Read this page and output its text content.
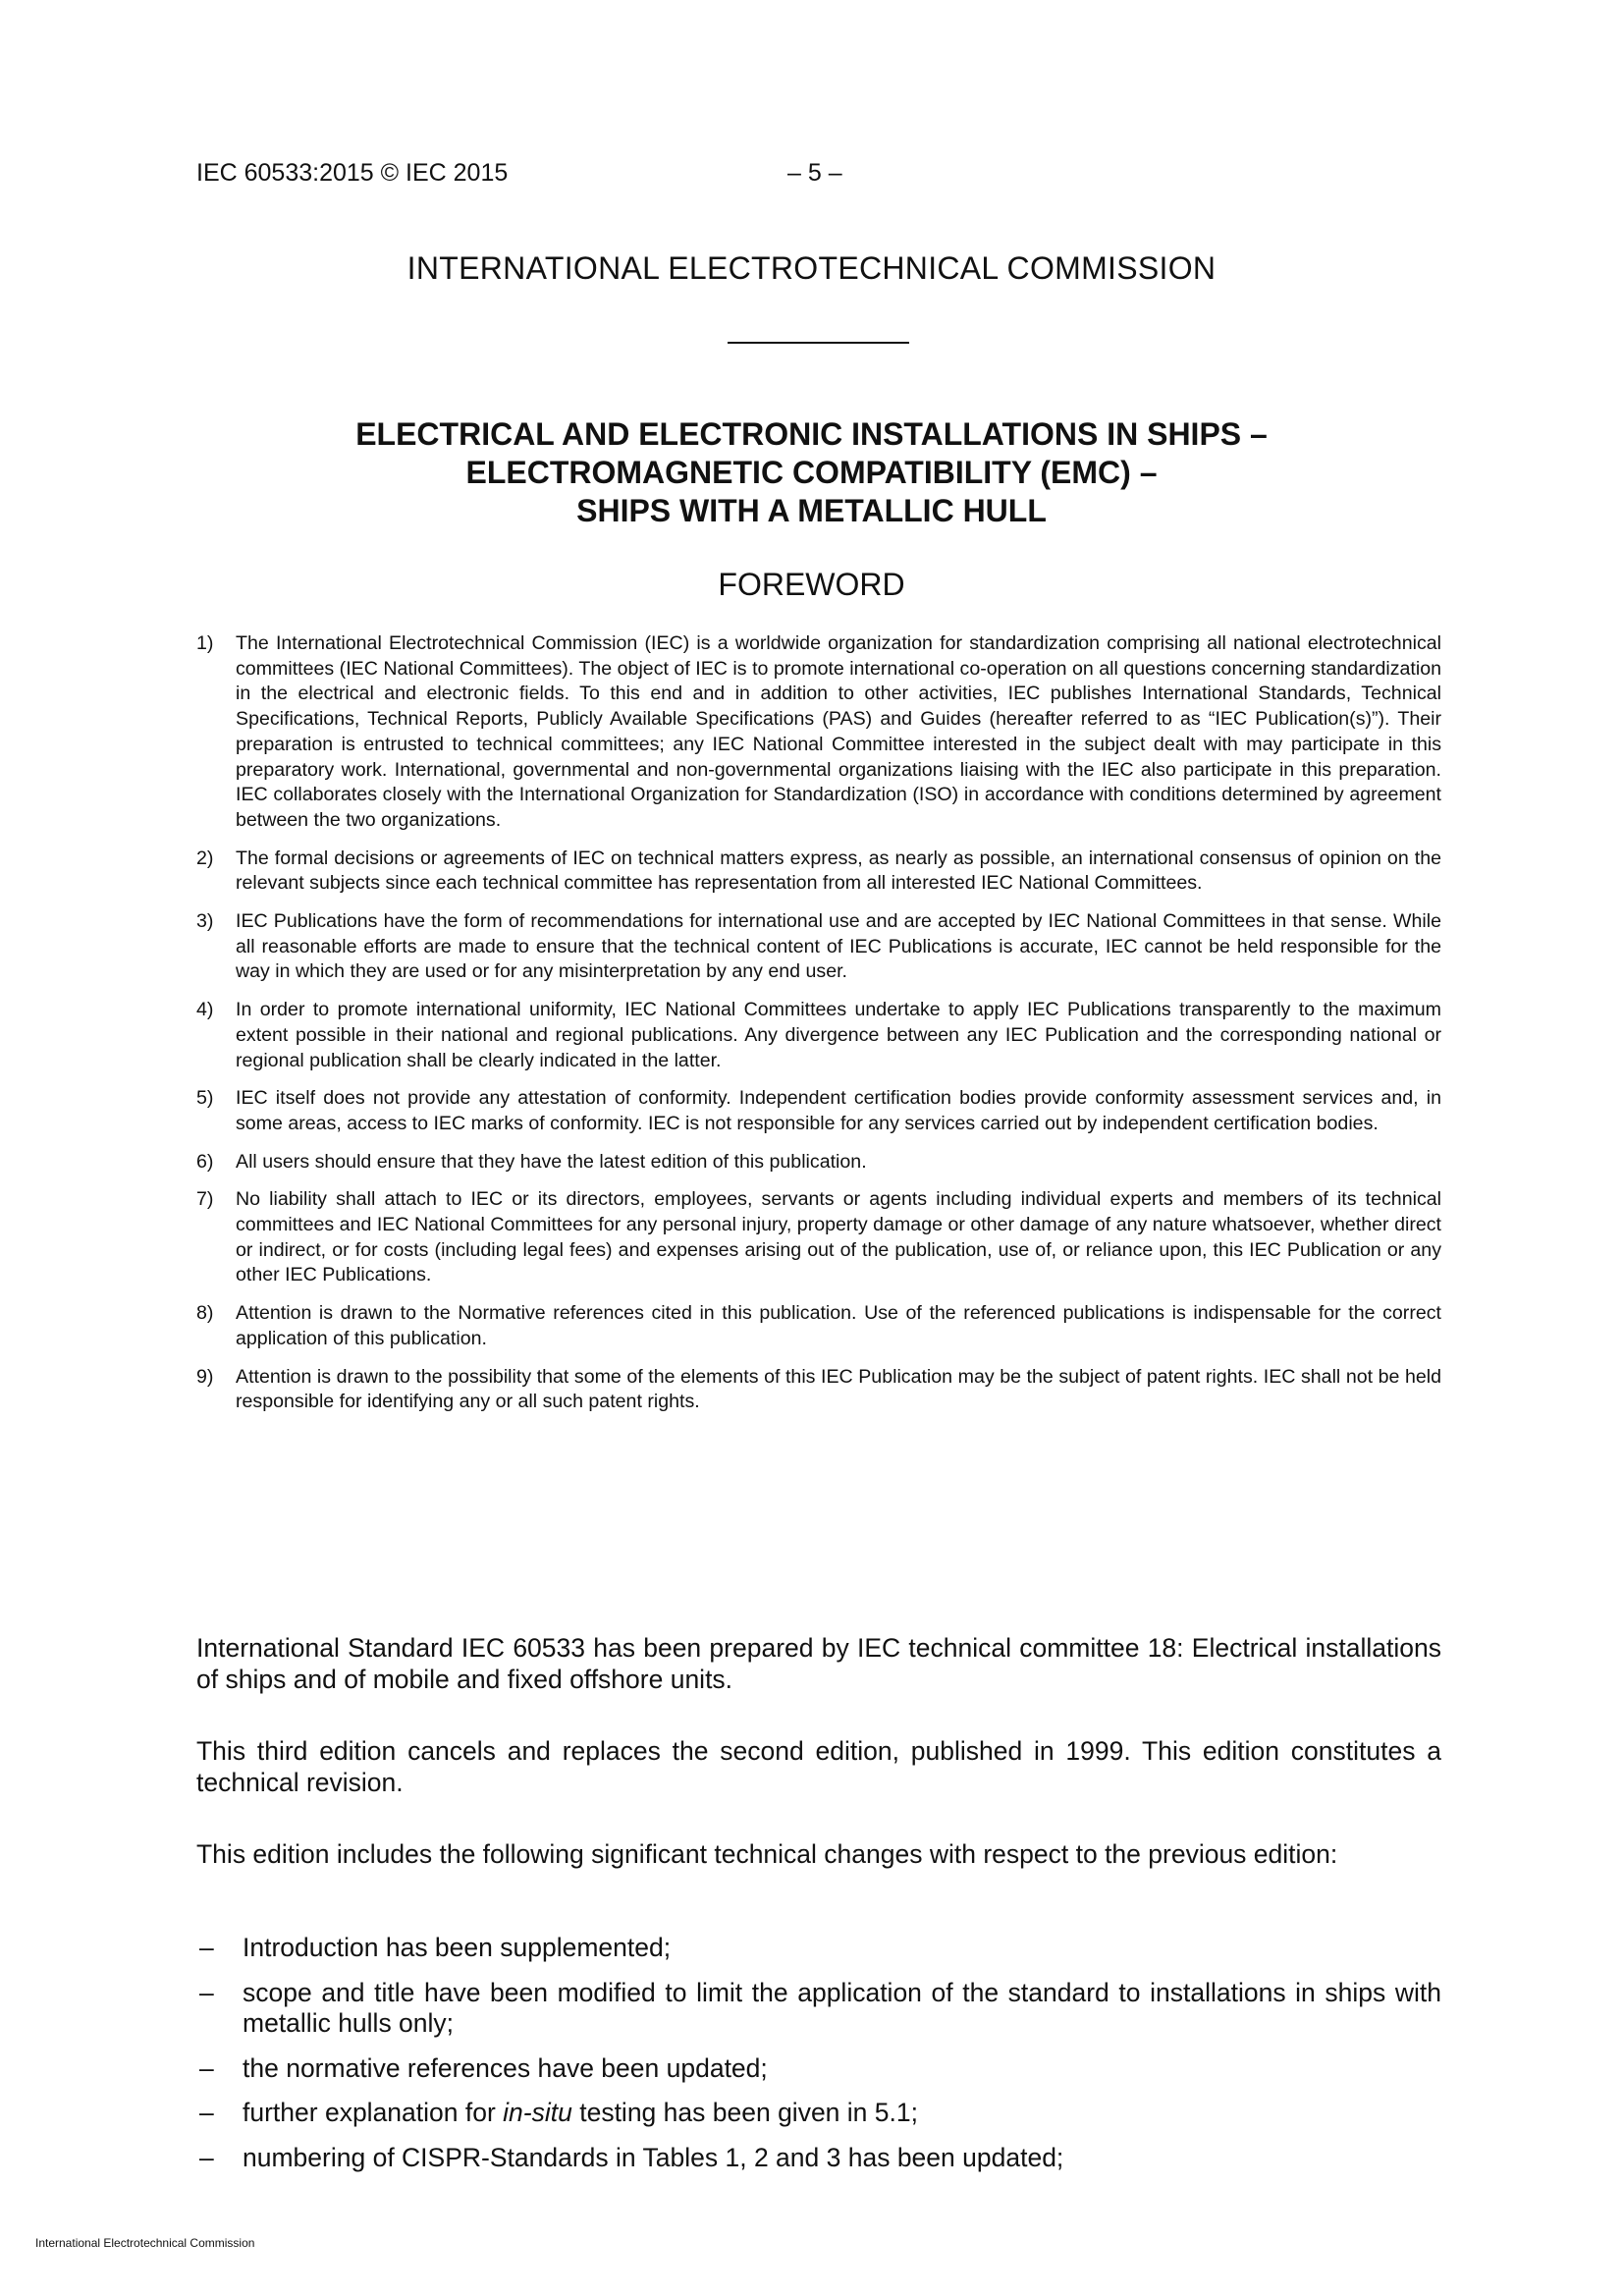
IEC 60533:2015 © IEC 2015	– 5 –
INTERNATIONAL ELECTROTECHNICAL COMMISSION
ELECTRICAL AND ELECTRONIC INSTALLATIONS IN SHIPS –
ELECTROMAGNETIC COMPATIBILITY (EMC) –
SHIPS WITH A METALLIC HULL
FOREWORD
1) The International Electrotechnical Commission (IEC) is a worldwide organization for standardization comprising all national electrotechnical committees (IEC National Committees). The object of IEC is to promote international co-operation on all questions concerning standardization in the electrical and electronic fields. To this end and in addition to other activities, IEC publishes International Standards, Technical Specifications, Technical Reports, Publicly Available Specifications (PAS) and Guides (hereafter referred to as “IEC Publication(s)”). Their preparation is entrusted to technical committees; any IEC National Committee interested in the subject dealt with may participate in this preparatory work. International, governmental and non-governmental organizations liaising with the IEC also participate in this preparation. IEC collaborates closely with the International Organization for Standardization (ISO) in accordance with conditions determined by agreement between the two organizations.
2) The formal decisions or agreements of IEC on technical matters express, as nearly as possible, an international consensus of opinion on the relevant subjects since each technical committee has representation from all interested IEC National Committees.
3) IEC Publications have the form of recommendations for international use and are accepted by IEC National Committees in that sense. While all reasonable efforts are made to ensure that the technical content of IEC Publications is accurate, IEC cannot be held responsible for the way in which they are used or for any misinterpretation by any end user.
4) In order to promote international uniformity, IEC National Committees undertake to apply IEC Publications transparently to the maximum extent possible in their national and regional publications. Any divergence between any IEC Publication and the corresponding national or regional publication shall be clearly indicated in the latter.
5) IEC itself does not provide any attestation of conformity. Independent certification bodies provide conformity assessment services and, in some areas, access to IEC marks of conformity. IEC is not responsible for any services carried out by independent certification bodies.
6) All users should ensure that they have the latest edition of this publication.
7) No liability shall attach to IEC or its directors, employees, servants or agents including individual experts and members of its technical committees and IEC National Committees for any personal injury, property damage or other damage of any nature whatsoever, whether direct or indirect, or for costs (including legal fees) and expenses arising out of the publication, use of, or reliance upon, this IEC Publication or any other IEC Publications.
8) Attention is drawn to the Normative references cited in this publication. Use of the referenced publications is indispensable for the correct application of this publication.
9) Attention is drawn to the possibility that some of the elements of this IEC Publication may be the subject of patent rights. IEC shall not be held responsible for identifying any or all such patent rights.
International Standard IEC 60533 has been prepared by IEC technical committee 18: Electrical installations of ships and of mobile and fixed offshore units.
This third edition cancels and replaces the second edition, published in 1999. This edition constitutes a technical revision.
This edition includes the following significant technical changes with respect to the previous edition:
– Introduction has been supplemented;
– scope and title have been modified to limit the application of the standard to installations in ships with metallic hulls only;
– the normative references have been updated;
– further explanation for in-situ testing has been given in 5.1;
– numbering of CISPR-Standards in Tables 1, 2 and 3 has been updated;
International Electrotechnical Commission
